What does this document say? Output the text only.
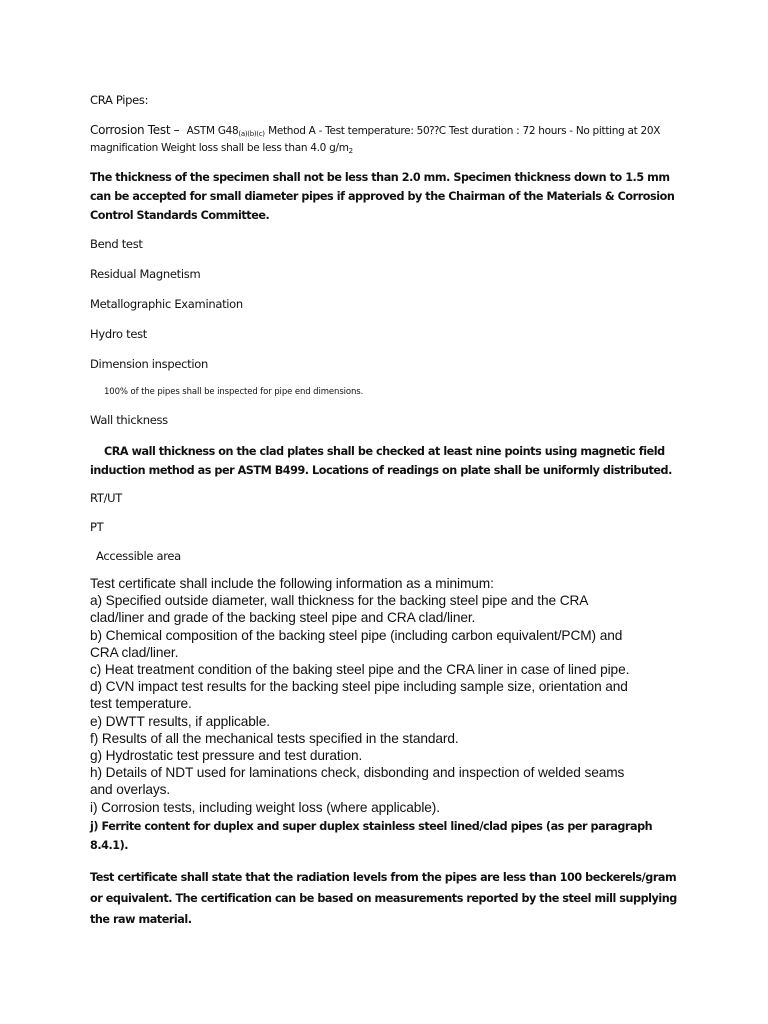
CRA Pipes:

Corrosion Test – ASTM $G48_{(a)(b)(c)}$ Method A - Test temperature: 50⁇C Test duration : 72 hours - No pitting at 20X
magnification Weight loss shall be less than 4.0 $g/m_2$
The thickness of the specimen shall not be less than 2.0 mm. Specimen thickness down to 1.5 mm
can be accepted for small diameter pipes if approved by the Chairman of the Materials & Corrosion
Control Standards Committee.

Bend test

Residual Magnetism

Metallographic Examination

Hydro test

Dimension inspection

100% of the pipes shall be inspected for pipe end dimensions.

Wall thickness

CRA wall thickness on the clad plates shall be checked at least nine points using magnetic field
induction method as per ASTM B499. Locations of readings on plate shall be uniformly distributed.

RT/UT

PT

Accessible area

Test certificate shall include the following information as a minimum:
a) Specified outside diameter, wall thickness for the backing steel pipe and the CRA
clad/liner and grade of the backing steel pipe and CRA clad/liner.
b) Chemical composition of the backing steel pipe (including carbon equivalent/PCM) and
CRA clad/liner.
c) Heat treatment condition of the baking steel pipe and the CRA liner in case of lined pipe.
d) CVN impact test results for the backing steel pipe including sample size, orientation and
test temperature.
e) DWTT results, if applicable.
f) Results of all the mechanical tests specified in the standard.
g) Hydrostatic test pressure and test duration.
h) Details of NDT used for laminations check, disbonding and inspection of welded seams
and overlays.
i) Corrosion tests, including weight loss (where applicable).
j) Ferrite content for duplex and super duplex stainless steel lined/clad pipes (as per paragraph
8.4.1).
Test certificate shall state that the radiation levels from the pipes are less than 100 beckerels/gram
or equivalent. The certification can be based on measurements reported by the steel mill supplying
the raw material.
